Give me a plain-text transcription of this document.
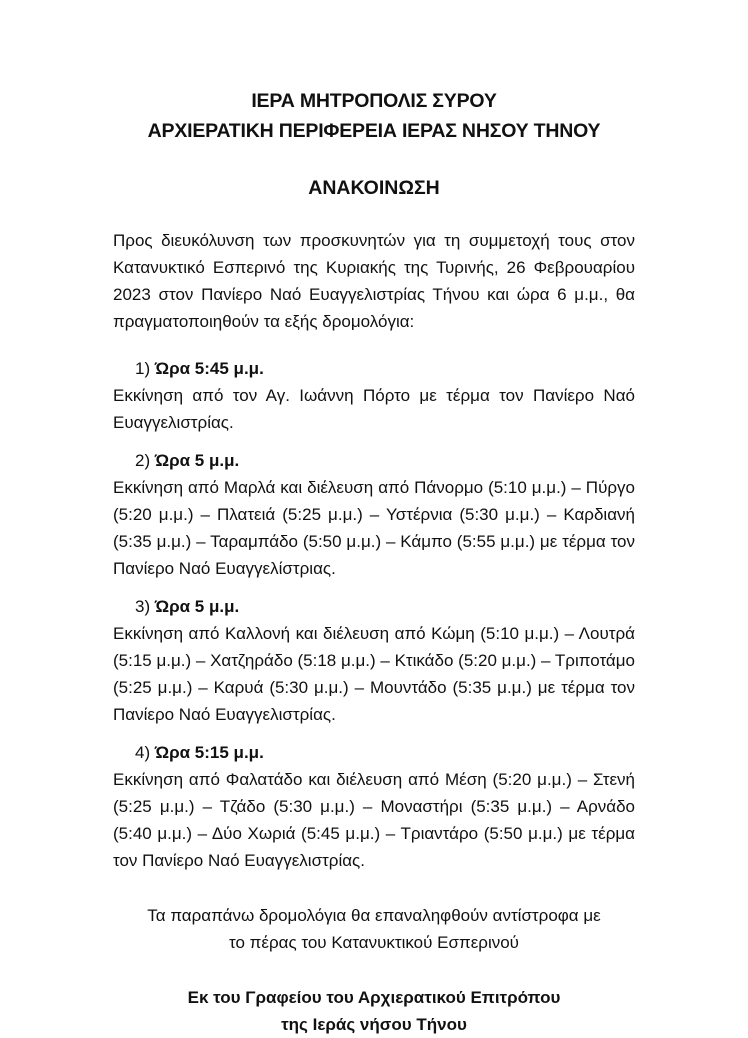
ΙΕΡΑ ΜΗΤΡΟΠΟΛΙΣ ΣΥΡΟΥ
ΑΡΧΙΕΡΑΤΙΚΗ ΠΕΡΙΦΕΡΕΙΑ ΙΕΡΑΣ ΝΗΣΟΥ ΤΗΝΟΥ
ΑΝΑΚΟΙΝΩΣΗ

Προς διευκόλυνση των προσκυνητών για τη συμμετοχή τους στον Κατανυκτικό Εσπερινό της Κυριακής της Τυρινής, 26 Φεβρουαρίου 2023 στον Πανίερο Ναό Ευαγγελιστρίας Τήνου και ώρα 6 μ.μ., θα πραγματοποιηθούν τα εξής δρομολόγια:

1) Ώρα 5:45 μ.μ.
Εκκίνηση από τον Αγ. Ιωάννη Πόρτο με τέρμα τον Πανίερο Ναό Ευαγγελιστρίας.
2) Ώρα 5 μ.μ.
Εκκίνηση από Μαρλά και διέλευση από Πάνορμο (5:10 μ.μ.) – Πύργο (5:20 μ.μ.) – Πλατειά (5:25 μ.μ.) – Υστέρνια (5:30 μ.μ.) – Καρδιανή (5:35 μ.μ.) – Ταραμπάδο (5:50 μ.μ.) – Κάμπο (5:55 μ.μ.) με τέρμα τον Πανίερο Ναό Ευαγγελίστριας.
3) Ώρα 5 μ.μ.
Εκκίνηση από Καλλονή και διέλευση από Κώμη (5:10 μ.μ.) – Λουτρά (5:15 μ.μ.) – Χατζηράδο (5:18 μ.μ.) – Κτικάδο (5:20 μ.μ.) – Τριποτάμο (5:25 μ.μ.) – Καρυά (5:30 μ.μ.) – Μουντάδο (5:35 μ.μ.) με τέρμα τον Πανίερο Ναό Ευαγγελιστρίας.
4) Ώρα 5:15 μ.μ.
Εκκίνηση από Φαλατάδο και διέλευση από Μέση (5:20 μ.μ.) – Στενή (5:25 μ.μ.) – Τζάδο (5:30 μ.μ.) – Μοναστήρι (5:35 μ.μ.) – Αρνάδο (5:40 μ.μ.) – Δύο Χωριά (5:45 μ.μ.) – Τριαντάρο (5:50 μ.μ.) με τέρμα τον Πανίερο Ναό Ευαγγελιστρίας.
Τα παραπάνω δρομολόγια θα επαναληφθούν αντίστροφα με
το πέρας του Κατανυκτικού Εσπερινού
Εκ του Γραφείου του Αρχιερατικού Επιτρόπου
της Ιεράς νήσου Τήνου
